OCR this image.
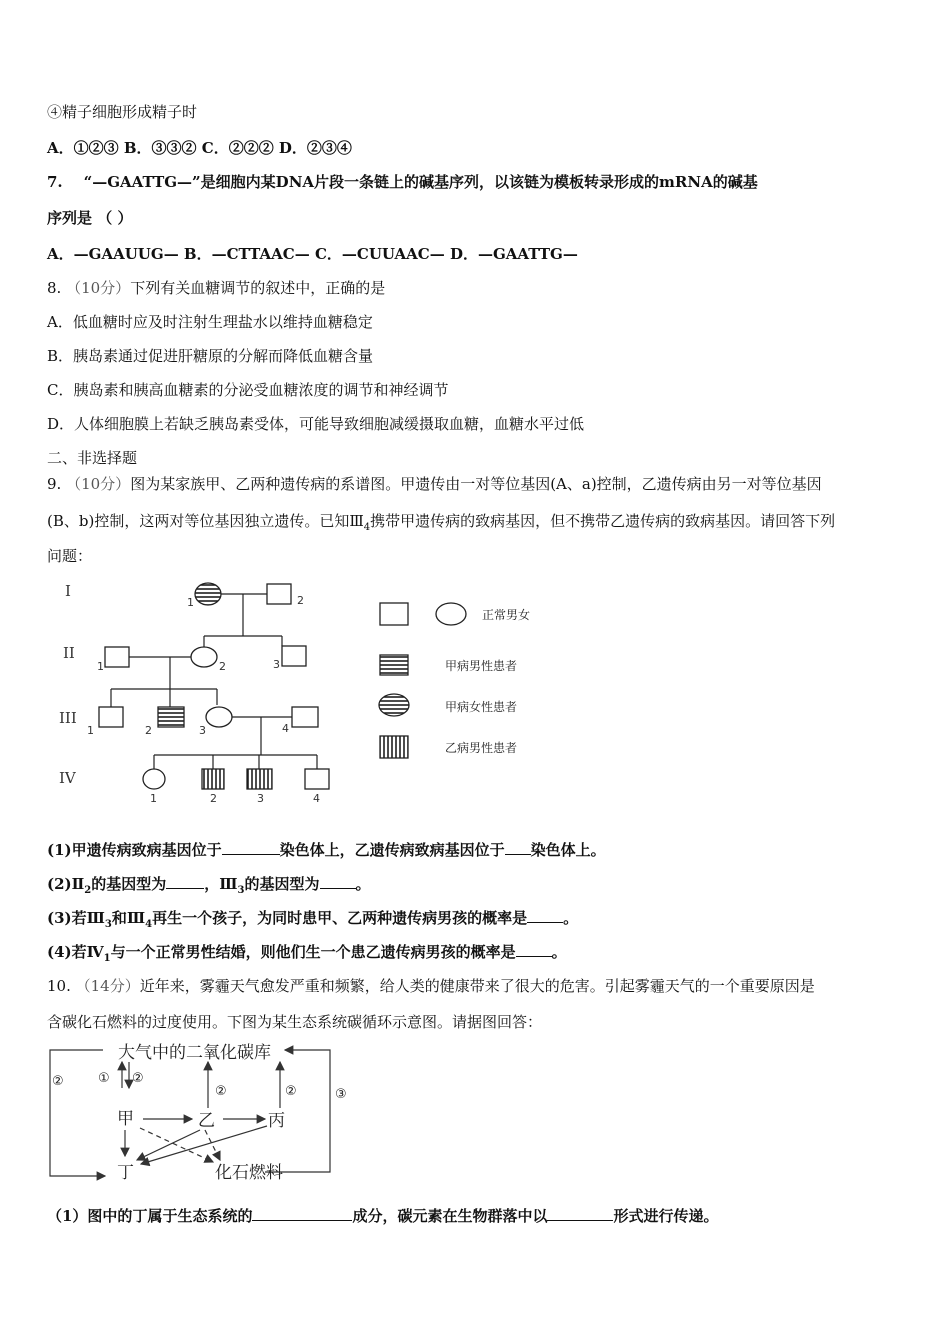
④精子细胞形成精子时
A．①②③ B．③③② C．②②② D．②③④
7. “—GAATTG—”是细胞内某DNA片段一条链上的碱基序列，以该链为模板转录形成的mRNA的碱基
序列是 （ ）
A．—GAAUUG— B．—CTTAAC— C．—CUUAAC— D．—GAATTG—
8. （10分）下列有关血糖调节的叙述中，正确的是
A．低血糖时应及时注射生理盐水以维持血糖稳定
B．胰岛素通过促进肝糖原的分解而降低血糖含量
C．胰岛素和胰高血糖素的分泌受血糖浓度的调节和神经调节
D．人体细胞膜上若缺乏胰岛素受体，可能导致细胞减缓摄取血糖，血糖水平过低
二、非选择题
9. （10分）图为某家族甲、乙两种遗传病的系谱图。甲遗传由一对等位基因(A、a)控制，乙遗传病由另一对等位基因
(B、b)控制，这两对等位基因独立遗传。已知$Ⅲ_4$携带甲遗传病的致病基因，但不携带乙遗传病的致病基因。请回答下列
问题：
I
II
III
IV
1	2
1	2	3
1	2	3	4
1	2	3	4
正常男女
甲病男性患者
甲病女性患者
乙病男性患者
(1)甲遗传病致病基因位于	染色体上，乙遗传病致病基因位于 染色体上。
$(2)Ⅱ_2$的基因型为	，$Ⅲ_3$的基因型为 。
(3)若$Ⅲ_3$和$Ⅲ_4$再生一个孩子，为同时患甲、乙两种遗传病男孩的概率是 。
(4)若$Ⅳ_1$与一个正常男性结婚，则他们生一个患乙遗传病男孩的概率是 。
10. （14分）近年来，雾霾天气愈发严重和频繁，给人类的健康带来了很大的危害。引起雾霾天气的一个重要原因是
含碳化石燃料的过度使用。下图为某生态系统碳循环示意图。请据图回答：
大气中的二氧化碳库
甲	乙	丙
丁	化石燃料
②	① ②
②	②	③
（1）图中的丁属于生态系统的	成分，碳元素在生物群落中以	形式进行传递。
